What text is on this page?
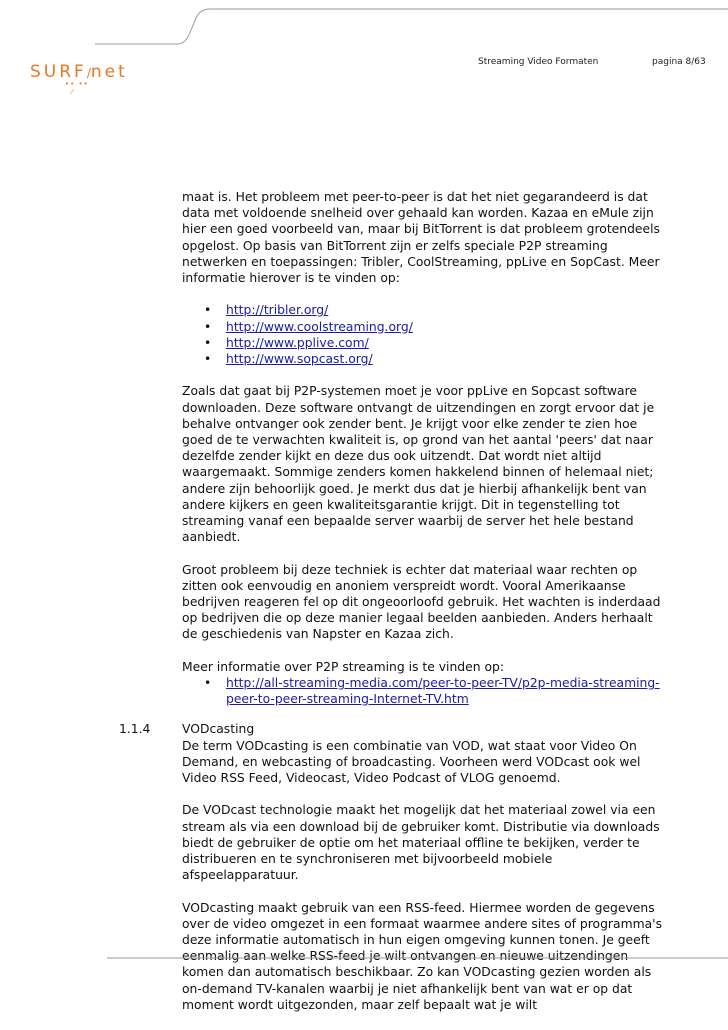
SURF/net
•• ••
⁄
Streaming Video Formaten	pagina 8/63

maat is. Het probleem met peer-to-peer is dat het niet gegarandeerd is dat data met voldoende snelheid over gehaald kan worden. Kazaa en eMule zijn hier een goed voorbeeld van, maar bij BitTorrent is dat probleem grotendeels opgelost. Op basis van BitTorrent zijn er zelfs speciale P2P streaming netwerken en toepassingen: Tribler, CoolStreaming, ppLive en SopCast. Meer informatie hierover is te vinden op:

• http://tribler.org/
• http://www.coolstreaming.org/
• http://www.pplive.com/
• http://www.sopcast.org/

Zoals dat gaat bij P2P-systemen moet je voor ppLive en Sopcast software downloaden. Deze software ontvangt de uitzendingen en zorgt ervoor dat je behalve ontvanger ook zender bent. Je krijgt voor elke zender te zien hoe goed de te verwachten kwaliteit is, op grond van het aantal 'peers' dat naar dezelfde zender kijkt en deze dus ook uitzendt. Dat wordt niet altijd waargemaakt. Sommige zenders komen hakkelend binnen of helemaal niet; andere zijn behoorlijk goed. Je merkt dus dat je hierbij afhankelijk bent van andere kijkers en geen kwaliteitsgarantie krijgt. Dit in tegenstelling tot streaming vanaf een bepaalde server waarbij de server het hele bestand aanbiedt.

Groot probleem bij deze techniek is echter dat materiaal waar rechten op zitten ook eenvoudig en anoniem verspreidt wordt. Vooral Amerikaanse bedrijven reageren fel op dit ongeoorloofd gebruik. Het wachten is inderdaad op bedrijven die op deze manier legaal beelden aanbieden. Anders herhaalt de geschiedenis van Napster en Kazaa zich.

Meer informatie over P2P streaming is te vinden op:

• http://all-streaming-media.com/peer-to-peer-TV/p2p-media-streaming-peer-to-peer-streaming-Internet-TV.htm
1.1.4	VODcasting

De term VODcasting is een combinatie van VOD, wat staat voor Video On Demand, en webcasting of broadcasting. Voorheen werd VODcast ook wel Video RSS Feed, Videocast, Video Podcast of VLOG genoemd.

De VODcast technologie maakt het mogelijk dat het materiaal zowel via een stream als via een download bij de gebruiker komt. Distributie via downloads biedt de gebruiker de optie om het materiaal offline te bekijken, verder te distribueren en te synchroniseren met bijvoorbeeld mobiele afspeelapparatuur.

VODcasting maakt gebruik van een RSS-feed. Hiermee worden de gegevens over de video omgezet in een formaat waarmee andere sites of programma's deze informatie automatisch in hun eigen omgeving kunnen tonen. Je geeft eenmalig aan welke RSS-feed je wilt ontvangen en nieuwe uitzendingen komen dan automatisch beschikbaar. Zo kan VODcasting gezien worden als on-demand TV-kanalen waarbij je niet afhankelijk bent van wat er op dat moment wordt uitgezonden, maar zelf bepaalt wat je wilt
